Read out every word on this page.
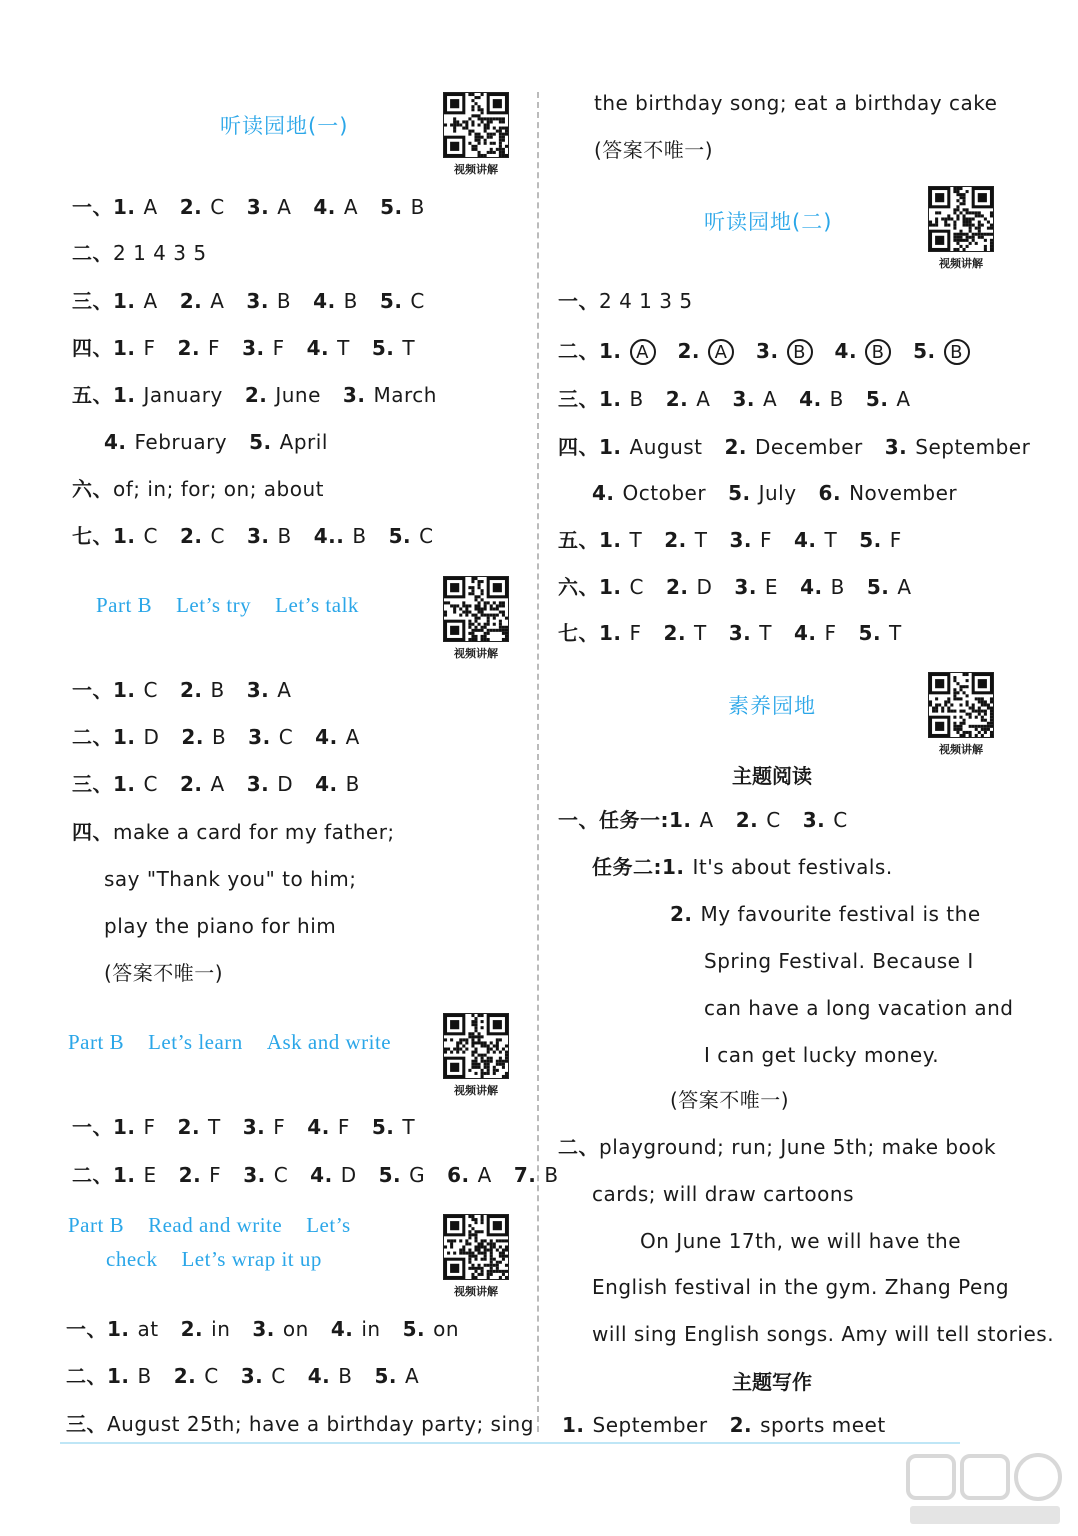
听读园地(一)
视频讲解
一、1. A 2. C 3. A 4. A 5. B
二、2 1 4 3 5
三、1. A 2. A 3. B 4. B 5. C
四、1. F 2. F 3. F 4. T 5. T
五、1. January 2. June 3. March
4. February 5. April
六、of; in; for; on; about
七、1. C 2. C 3. B 4.. B 5. C
Part B Let’s try Let’s talk
视频讲解
一、1. C 2. B 3. A
二、1. D 2. B 3. C 4. A
三、1. C 2. A 3. D 4. B
四、make a card for my father;
say "Thank you" to him;
play the piano for him
(答案不唯一)
Part B Let’s learn Ask and write
视频讲解
一、1. F 2. T 3. F 4. F 5. T
二、1. E 2. F 3. C 4. D 5. G 6. A 7. B
Part B Read and write Let’s
check Let’s wrap it up
视频讲解
一、1. at 2. in 3. on 4. in 5. on
二、1. B 2. C 3. C 4. B 5. A
三、August 25th; have a birthday party; sing
the birthday song; eat a birthday cake
(答案不唯一)
听读园地(二)
视频讲解
一、2 4 1 3 5
二、1. A 2. A 3. B 4. B 5. B
三、1. B 2. A 3. A 4. B 5. A
四、1. August 2. December 3. September
4. October 5. July 6. November
五、1. T 2. T 3. F 4. T 5. F
六、1. C 2. D 3. E 4. B 5. A
七、1. F 2. T 3. T 4. F 5. T
素养园地
视频讲解
主题阅读
一、任务一:1. A 2. C 3. C
任务二:1. It's about festivals.
2. My favourite festival is the
Spring Festival. Because I
can have a long vacation and
I can get lucky money.
(答案不唯一)
二、playground; run; June 5th; make book
cards; will draw cartoons
On June 17th, we will have the
English festival in the gym. Zhang Peng
will sing English songs. Amy will tell stories.
主题写作
1. September 2. sports meet
